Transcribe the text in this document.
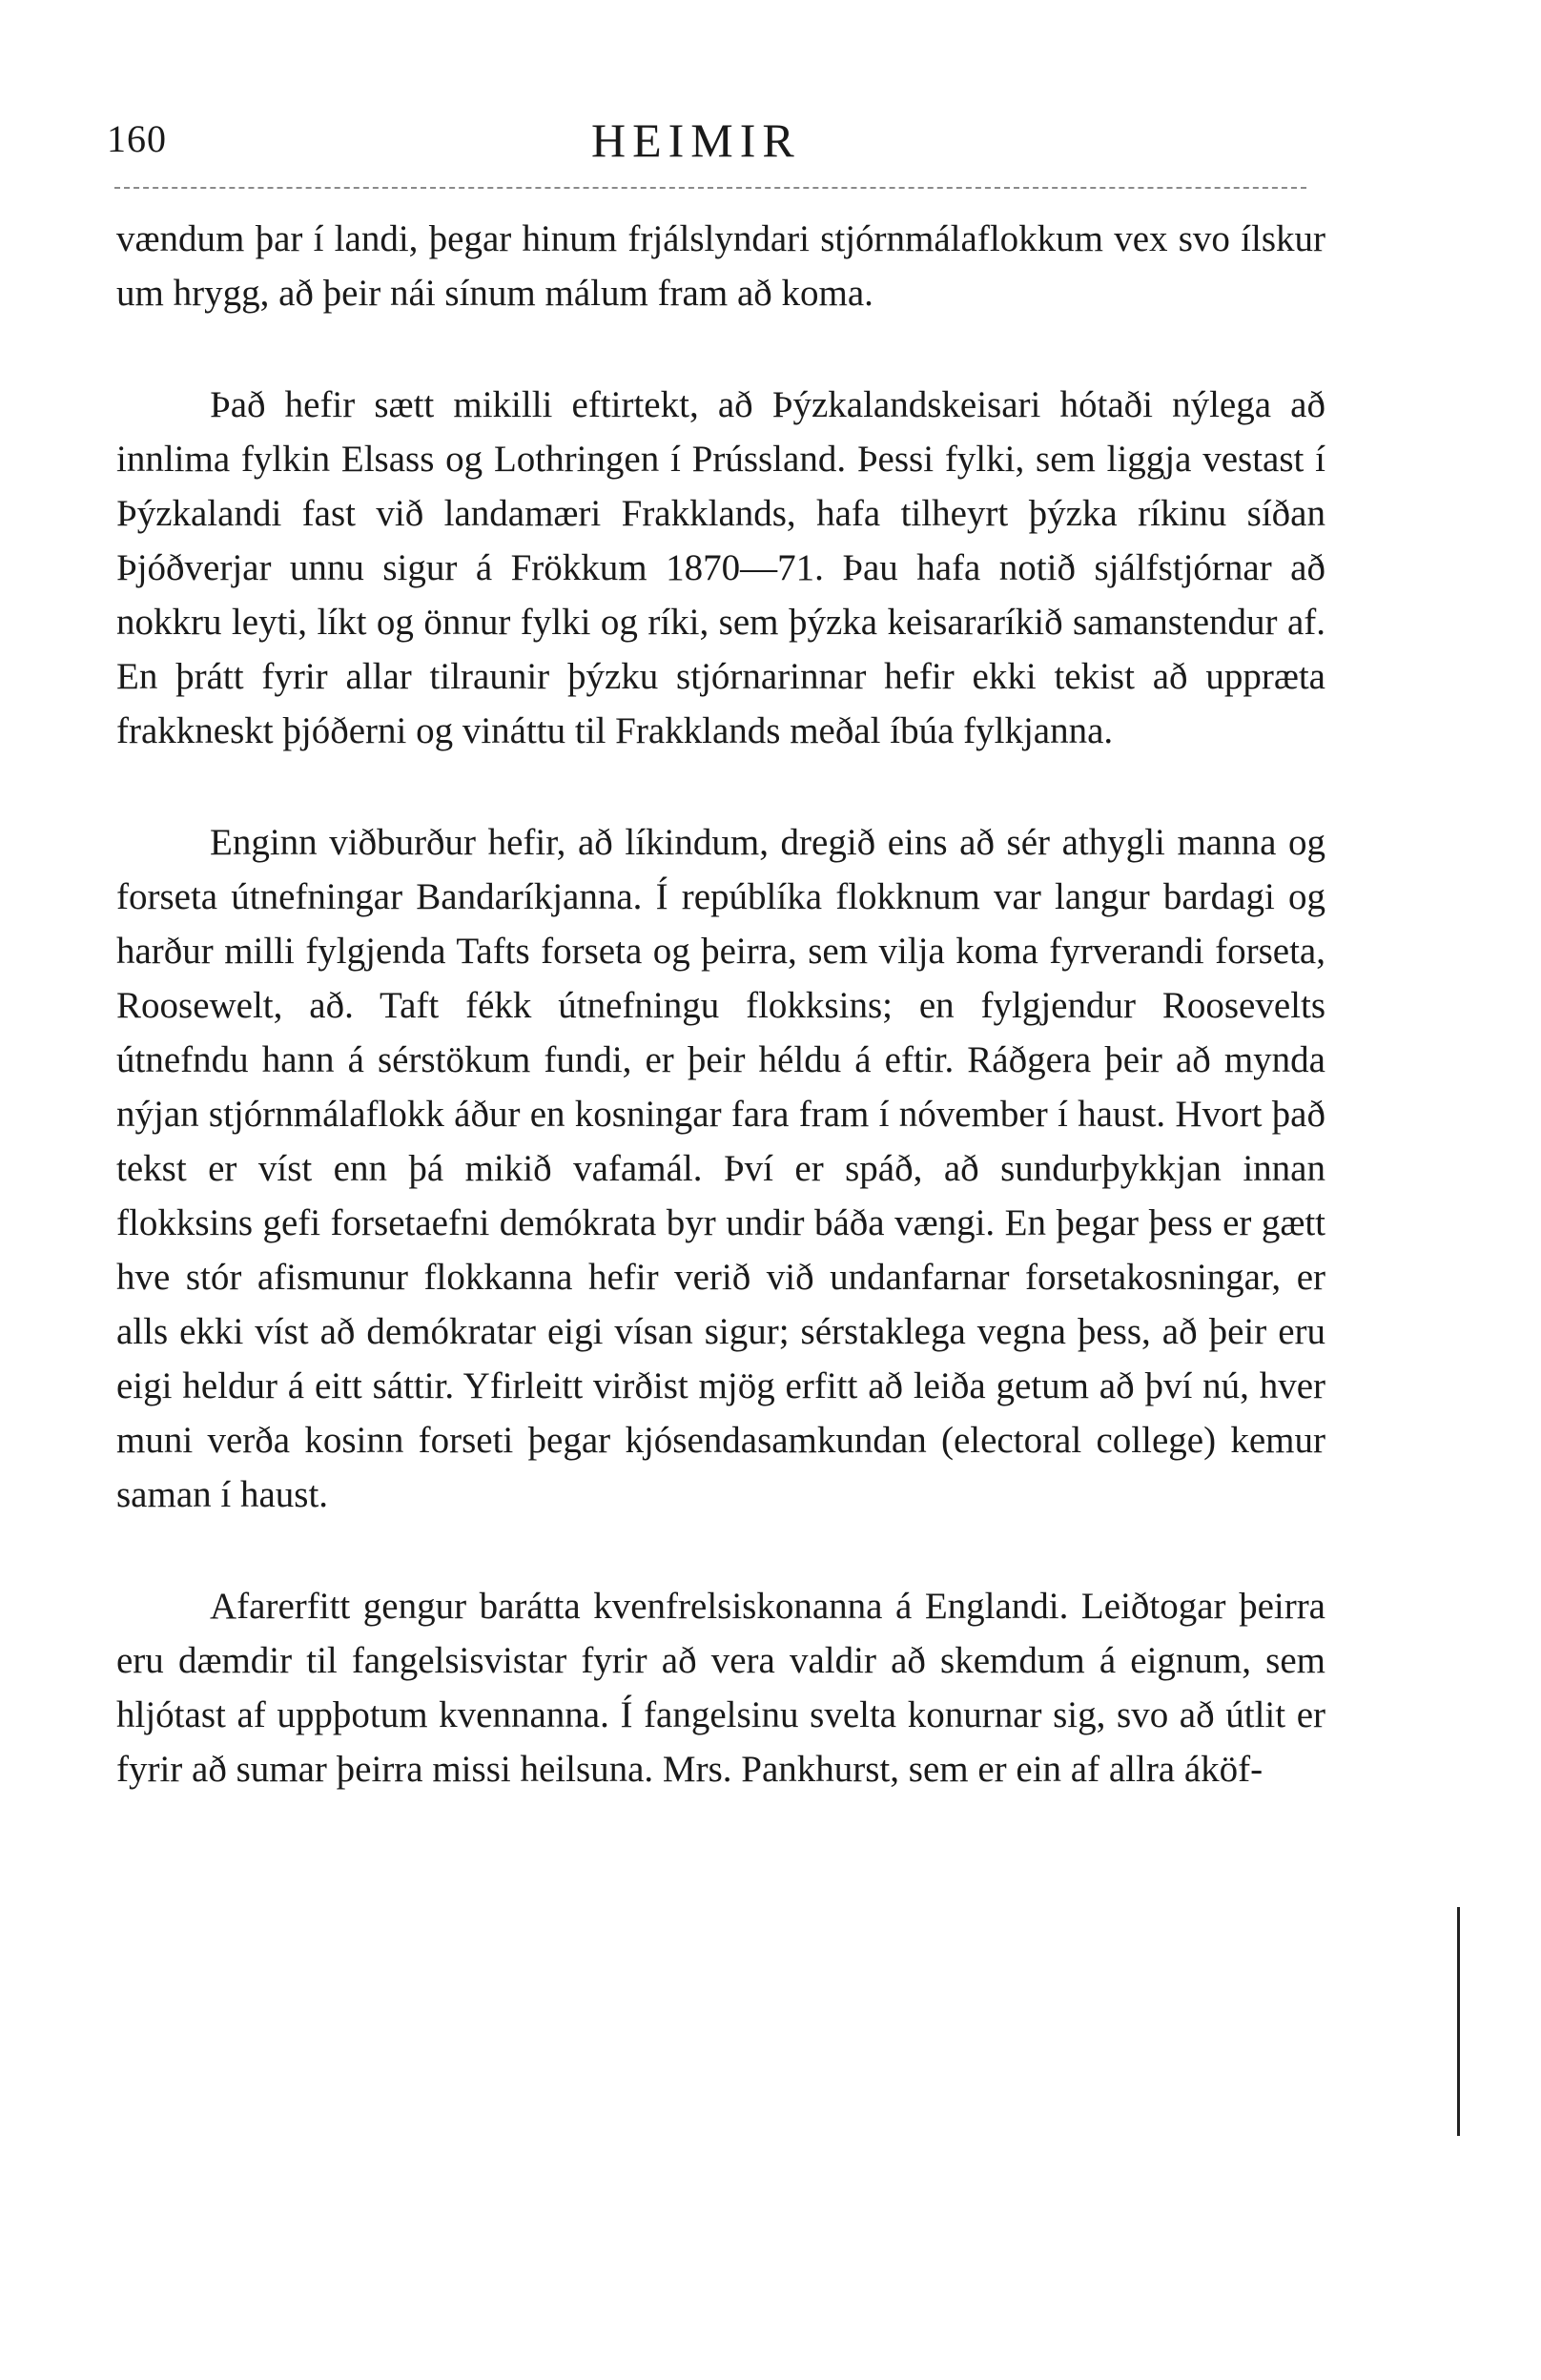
160	HEIMIR

vændum þar í landi, þegar hinum frjálslyndari stjórnmálaflokkum vex svo ílskur um hrygg, að þeir nái sínum málum fram að koma.

Það hefir sætt mikilli eftirtekt, að Þýzkalandskeisari hótaði nýlega að innlima fylkin Elsass og Lothringen í Prússland. Þessi fylki, sem liggja vestast í Þýzkalandi fast við landamæri Frakklands, hafa tilheyrt þýzka ríkinu síðan Þjóðverjar unnu sigur á Frökkum 1870—71. Þau hafa notið sjálfstjórnar að nokkru leyti, líkt og önnur fylki og ríki, sem þýzka keisararíkið samanstendur af. En þrátt fyrir allar tilraunir þýzku stjórnarinnar hefir ekki tekist að uppræta frakkneskt þjóðerni og vináttu til Frakklands meðal íbúa fylkjanna.

Enginn viðburður hefir, að líkindum, dregið eins að sér athygli manna og forseta útnefningar Bandaríkjanna. Í repúblíka flokknum var langur bardagi og harður milli fylgjenda Tafts forseta og þeirra, sem vilja koma fyrverandi forseta, Roosewelt, að. Taft fékk útnefningu flokksins; en fylgjendur Roosevelts útnefndu hann á sérstökum fundi, er þeir héldu á eftir. Ráðgera þeir að mynda nýjan stjórnmálaflokk áður en kosningar fara fram í nóvember í haust. Hvort það tekst er víst enn þá mikið vafamál. Því er spáð, að sundurþykkjan innan flokksins gefi forsetaefni demókrata byr undir báða vængi. En þegar þess er gætt hve stór afismunur flokkanna hefir verið við undanfarnar forsetakosningar, er alls ekki víst að demókratar eigi vísan sigur; sérstaklega vegna þess, að þeir eru eigi heldur á eitt sáttir. Yfirleitt virðist mjög erfitt að leiða getum að því nú, hver muni verða kosinn forseti þegar kjósendasamkundan (electoral college) kemur saman í haust.

Afarerfitt gengur barátta kvenfrelsiskonanna á Englandi. Leiðtogar þeirra eru dæmdir til fangelsisvistar fyrir að vera valdir að skemdum á eignum, sem hljótast af uppþotum kvennanna. Í fangelsinu svelta konurnar sig, svo að útlit er fyrir að sumar þeirra missi heilsuna. Mrs. Pankhurst, sem er ein af allra áköf-
